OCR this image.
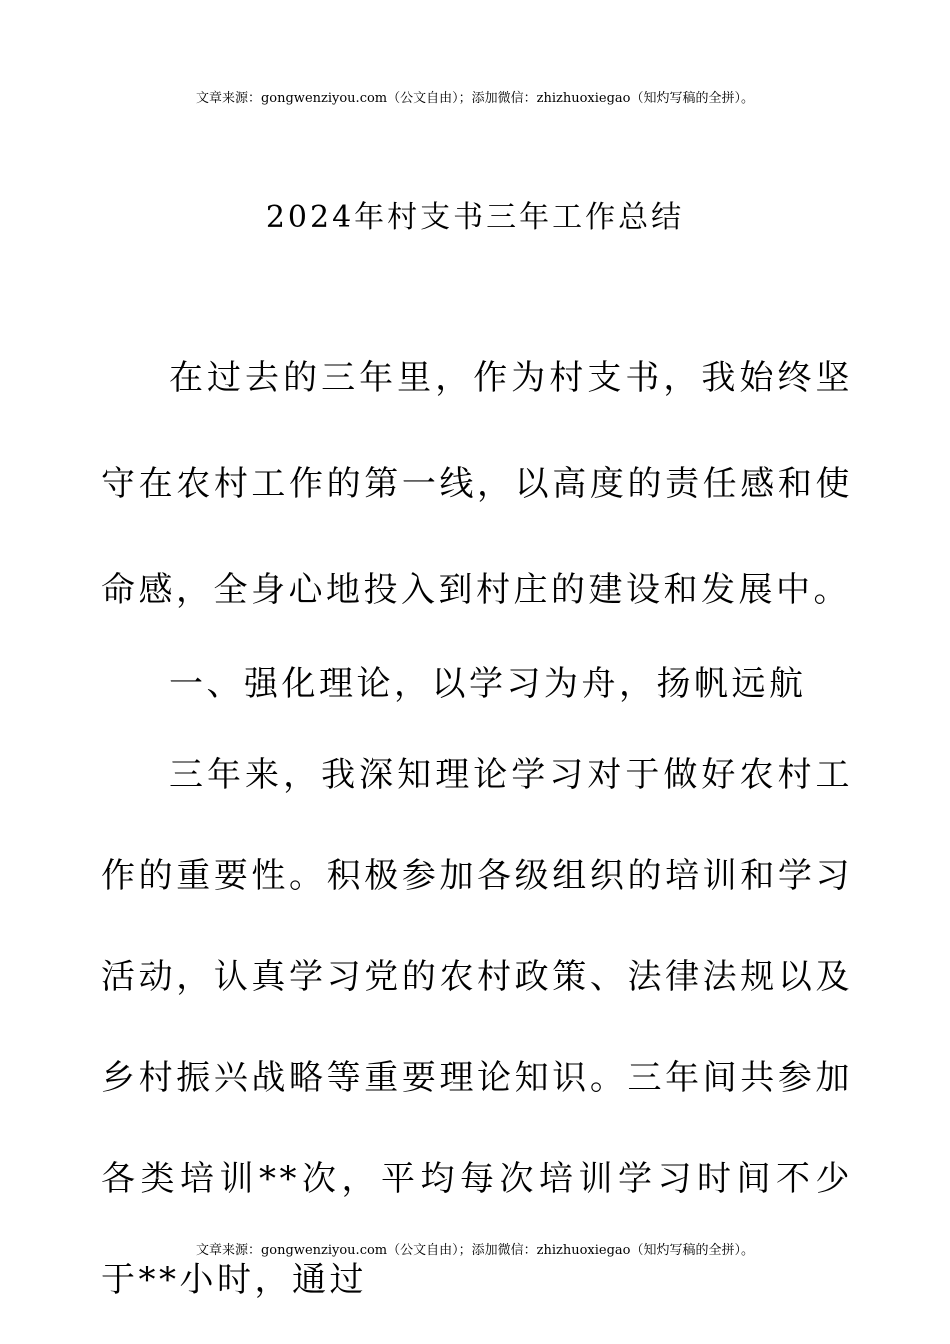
文章来源：gongwenziyou.com（公文自由）；添加微信：zhizhuoxiegao（知灼写稿的全拼）。
2024年村支书三年工作总结

在过去的三年里，作为村支书，我始终坚守在农村工作的第一线，以高度的责任感和使命感，全身心地投入到村庄的建设和发展中。

一、强化理论，以学习为舟，扬帆远航

三年来，我深知理论学习对于做好农村工作的重要性。积极参加各级组织的培训和学习活动，认真学习党的农村政策、法律法规以及乡村振兴战略等重要理论知识。三年间共参加各类培训**次，平均每次培训学习时间不少于**小时，通过

文章来源：gongwenziyou.com（公文自由）；添加微信：zhizhuoxiegao（知灼写稿的全拼）。
